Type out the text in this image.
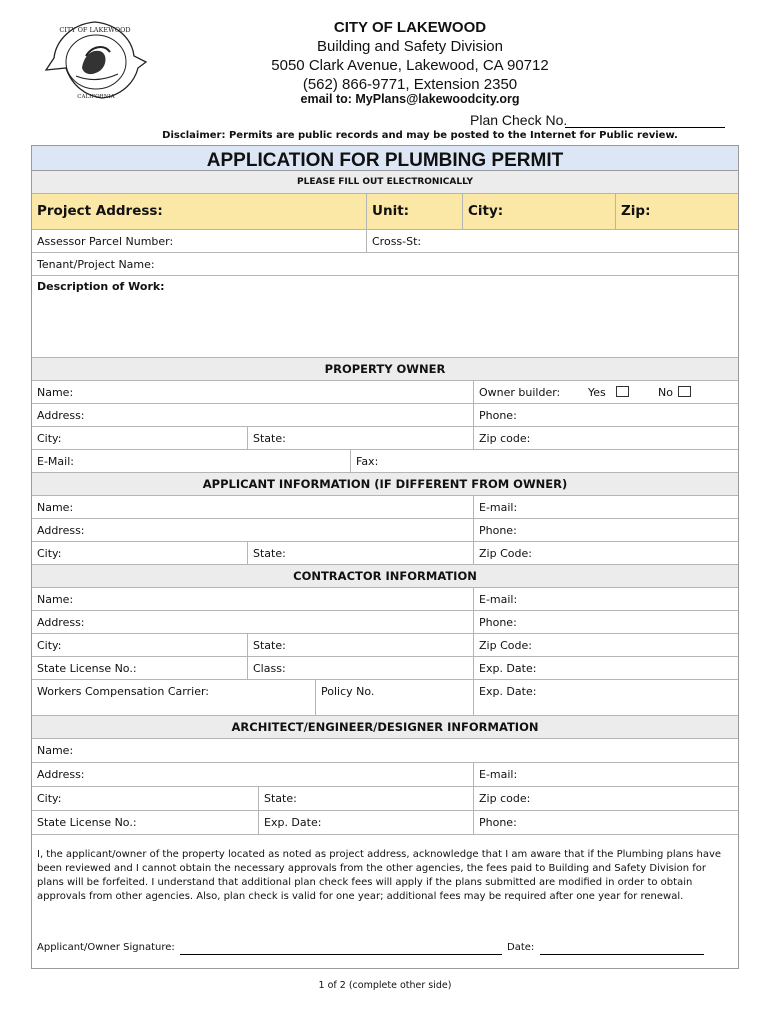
CITY OF LAKEWOOD
CALIFORNIA
CITY OF LAKEWOOD
Building and Safety Division
5050 Clark Avenue, Lakewood, CA 90712
(562) 866-9771, Extension 2350
email to: MyPlans@lakewoodcity.org
Plan Check No.
Disclaimer: Permits are public records and may be posted to the Internet for Public review.
APPLICATION FOR PLUMBING PERMIT
PLEASE FILL OUT ELECTRONICALLY
Project Address:	Unit:	City:	Zip:
Assessor Parcel Number:	Cross-St:
Tenant/Project Name:
Description of Work:
PROPERTY OWNER
Name:	Owner builder:	Yes	No
Address:	Phone:
City:	State:	Zip code:
E-Mail:	Fax:
APPLICANT INFORMATION (IF DIFFERENT FROM OWNER)
Name:	E-mail:
Address:	Phone:
City:	State:	Zip Code:
CONTRACTOR INFORMATION
Name:	E-mail:
Address:	Phone:
City:	State:	Zip Code:
State License No.:	Class:	Exp. Date:
Workers Compensation Carrier:	Policy No.	Exp. Date:
ARCHITECT/ENGINEER/DESIGNER INFORMATION
Name:
Address:	E-mail:
City:	State:	Zip code:
State License No.:	Exp. Date:	Phone:
I, the applicant/owner of the property located as noted as project address, acknowledge that I am aware that if the Plumbing plans have been reviewed and I cannot obtain the necessary approvals from the other agencies, the fees paid to Building and Safety Division for plans will be forfeited. I understand that additional plan check fees will apply if the plans submitted are modified in order to obtain approvals from other agencies. Also, plan check is valid for one year; additional fees may be required after one year for renewal.
Applicant/Owner Signature:	Date:
1 of 2 (complete other side)
